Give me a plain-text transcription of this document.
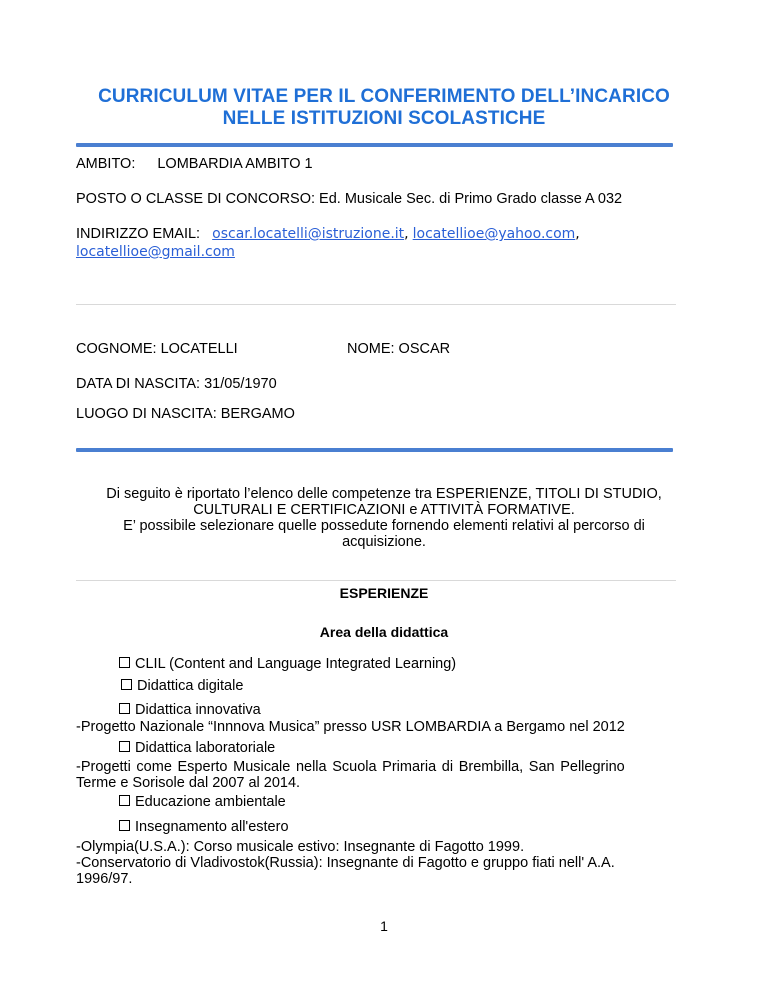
CURRICULUM VITAE PER IL CONFERIMENTO DELL’INCARICO
NELLE ISTITUZIONI SCOLASTICHE
AMBITO: LOMBARDIA AMBITO 1
POSTO O CLASSE DI CONCORSO: Ed. Musicale Sec. di Primo Grado classe A 032
INDIRIZZO EMAIL: oscar.locatelli@istruzione.it, locatellioe@yahoo.com,
locatellioe@gmail.com
COGNOME: LOCATELLI	NOME: OSCAR
DATA DI NASCITA: 31/05/1970
LUOGO DI NASCITA: BERGAMO
Di seguito è riportato l’elenco delle competenze tra ESPERIENZE, TITOLI DI STUDIO,
CULTURALI E CERTIFICAZIONI e ATTIVITÀ FORMATIVE.
E’ possibile selezionare quelle possedute fornendo elementi relativi al percorso di
acquisizione.
ESPERIENZE
Area della didattica
CLIL (Content and Language Integrated Learning)
Didattica digitale
Didattica innovativa
-Progetto Nazionale “Innnova Musica” presso USR LOMBARDIA a Bergamo nel 2012
Didattica laboratoriale
-Progetti come Esperto Musicale nella Scuola Primaria di Brembilla, San Pellegrino
Terme e Sorisole dal 2007 al 2014.
Educazione ambientale
Insegnamento all'estero
-Olympia(U.S.A.): Corso musicale estivo: Insegnante di Fagotto 1999.
-Conservatorio di Vladivostok(Russia): Insegnante di Fagotto e gruppo fiati nell' A.A.
1996/97.
1
